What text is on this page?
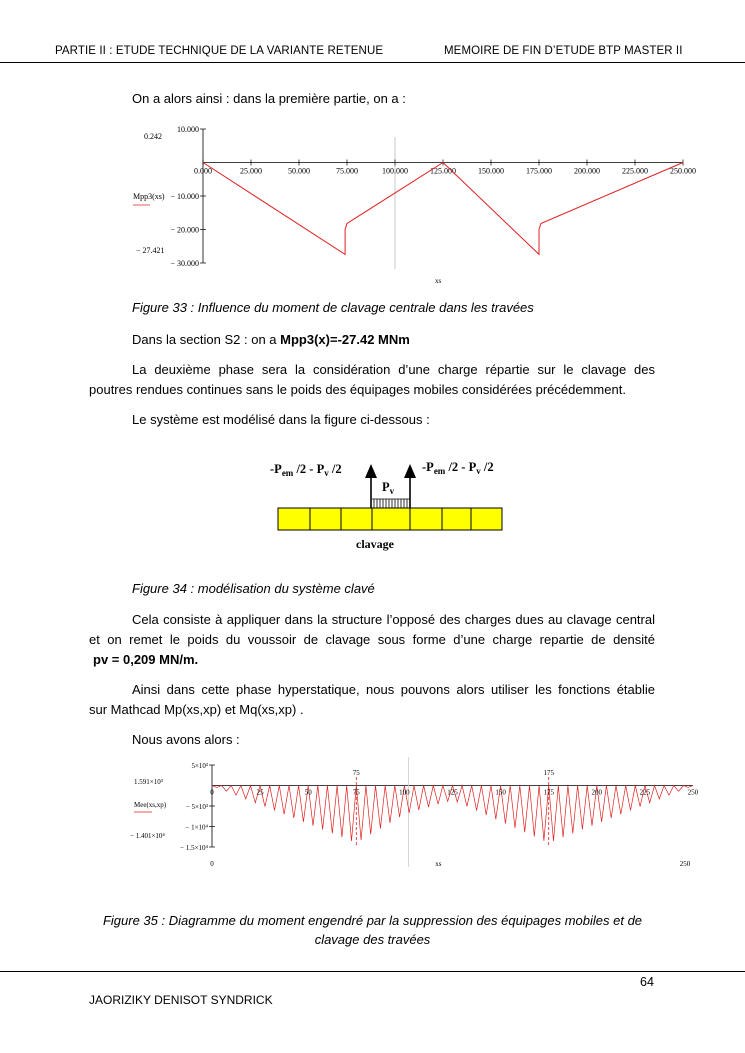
PARTIE II : ETUDE TECHNIQUE DE LA VARIANTE RETENUE	MEMOIRE DE FIN D’ETUDE BTP MASTER II

On a alors ainsi : dans la première partie, on a :

0.000	25.000	50.000	75.000	100.000	125.000	150.000	175.000	200.000	225.000	250.000
10.000
− 10.000
− 20.000
− 30.000
0.242
Mpp3(xs)
− 27.421
xs

Figure 33 : Influence du moment de clavage centrale dans les travées

Dans la section S2 : on a Mpp3(x)=-27.42 MNm

La deuxième phase sera la considération d’une charge répartie sur le clavage des

poutres rendues continues sans le poids des équipages mobiles considérées précédemment.

Le système est modélisé dans la figure ci-dessous :

$-P_{em}$ $/2 - P_v$ /2	$-P_{em}$ $/2 - P_v$ /2
$P_v$
clavage

Figure 34 : modélisation du système clavé

Cela consiste à appliquer dans la structure l’opposé des charges dues au clavage central

et on remet le poids du voussoir de clavage sous forme d’une charge repartie de densité

pv = 0,209 MN/m.

Ainsi dans cette phase hyperstatique, nous pouvons alors utiliser les fonctions établie

sur Mathcad Mp(xs,xp) et Mq(xs,xp) .

Nous avons alors :

75	175
0	25	50	75	100	125	150	175	200	225	250
5×10³
− 5×10³
− 1×10⁴
− 1.5×10⁴
1.591×10³
Mee(xs,xp)
− 1.401×10⁴
0	250
xs

Figure 35 : Diagramme du moment engendré par la suppression des équipages mobiles et de

clavage des travées

64
JAORIZIKY DENISOT SYNDRICK
